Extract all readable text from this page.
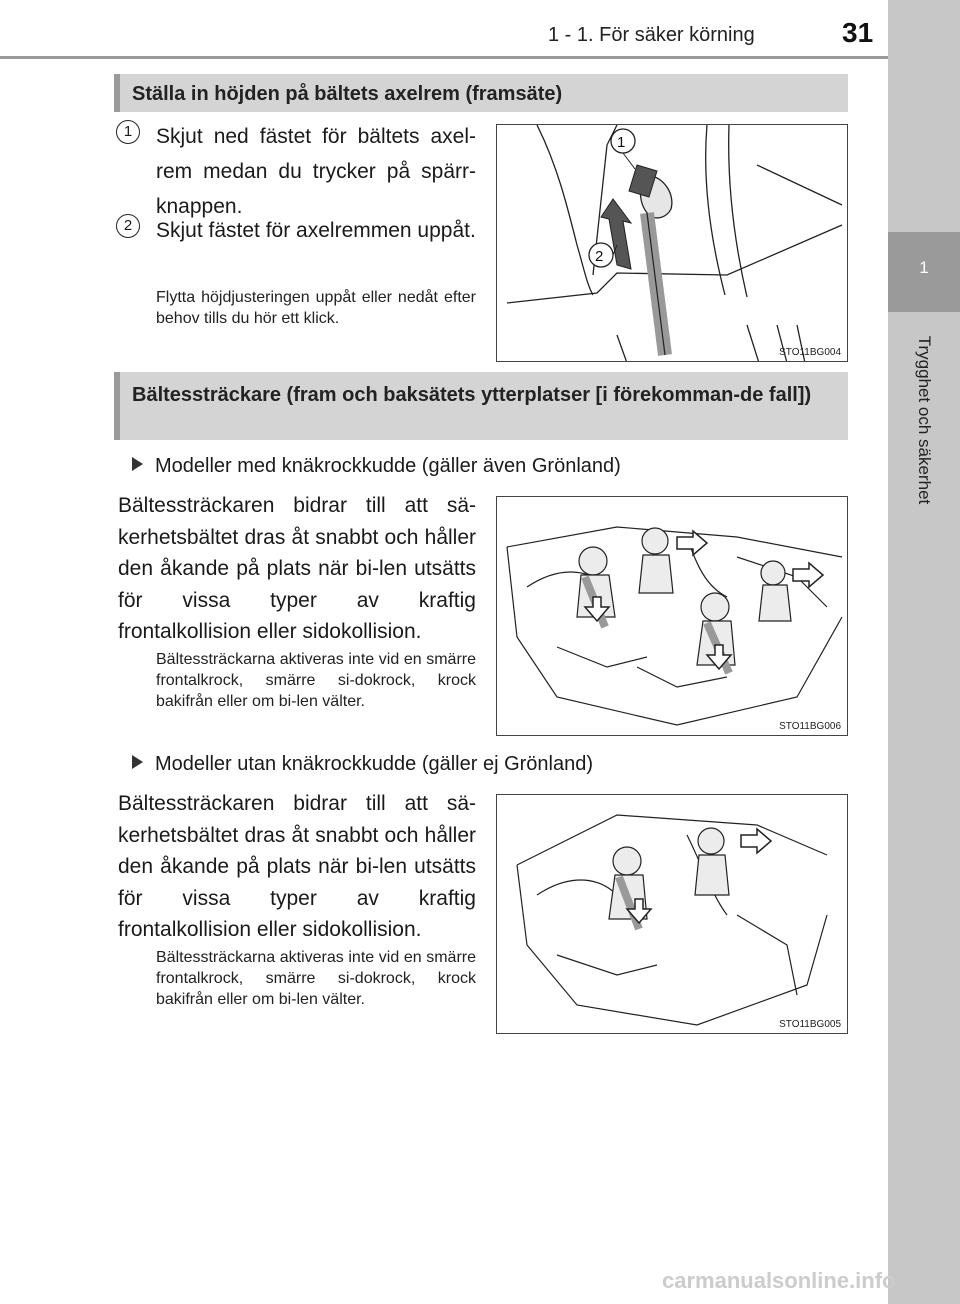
1 - 1. För säker körning	31
1
Trygghet och säkerhet
Ställa in höjden på bältets axelrem (framsäte)
1	Skjut ned fästet för bältets axel-rem medan du trycker på spärr-knappen.
2	Skjut fästet för axelremmen uppåt.
Flytta höjdjusteringen uppåt eller nedåt efter behov tills du hör ett klick.
1
2
STO11BG004
Bältessträckare (fram och baksätets ytterplatser [i förekomman-de fall])
Modeller med knäkrockkudde (gäller även Grönland)
Bältessträckaren bidrar till att sä-kerhetsbältet dras åt snabbt och håller den åkande på plats när bi-len utsätts för vissa typer av kraftig frontalkollision eller sidokollision.
Bältessträckarna aktiveras inte vid en smärre frontalkrock, smärre si-dokrock, krock bakifrån eller om bi-len välter.
STO11BG006
Modeller utan knäkrockkudde (gäller ej Grönland)
Bältessträckaren bidrar till att sä-kerhetsbältet dras åt snabbt och håller den åkande på plats när bi-len utsätts för vissa typer av kraftig frontalkollision eller sidokollision.
Bältessträckarna aktiveras inte vid en smärre frontalkrock, smärre si-dokrock, krock bakifrån eller om bi-len välter.
STO11BG005
carmanualsonline.info
